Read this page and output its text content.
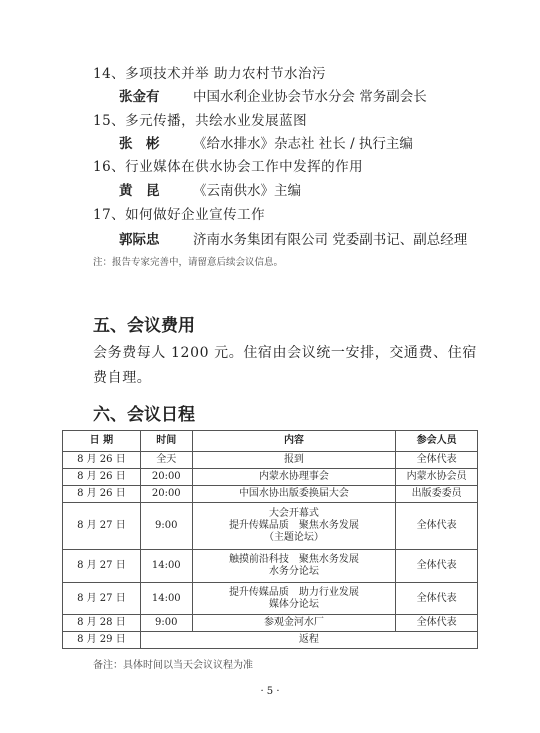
14、多项技术并举 助力农村节水治污
张金有 中国水利企业协会节水分会 常务副会长
15、多元传播，共绘水业发展蓝图
张　彬 《给水排水》杂志社 社长 / 执行主编
16、行业媒体在供水协会工作中发挥的作用
黄　昆 《云南供水》主编
17、如何做好企业宣传工作
郭际忠 济南水务集团有限公司 党委副书记、副总经理
注：报告专家完善中，请留意后续会议信息。
五、会议费用
会务费每人 1200 元。住宿由会议统一安排，交通费、住宿
费自理。
六、会议日程
日 期	时间	内容	参会人员
8 月 26 日	全天	报到	全体代表
8 月 26 日	20:00	内蒙水协理事会	内蒙水协会员
8 月 26 日	20:00	中国水协出版委换届大会	出版委委员
8 月 27 日	9:00	大会开幕式
提升传媒品质　聚焦水务发展
（主题论坛）	全体代表
8 月 27 日	14:00	触摸前沿科技　聚焦水务发展
水务分论坛	全体代表
8 月 27 日	14:00	提升传媒品质　助力行业发展
媒体分论坛	全体代表
8 月 28 日	9:00	参观金河水厂	全体代表
8 月 29 日	返程		
备注：具体时间以当天会议议程为准
· 5 ·
